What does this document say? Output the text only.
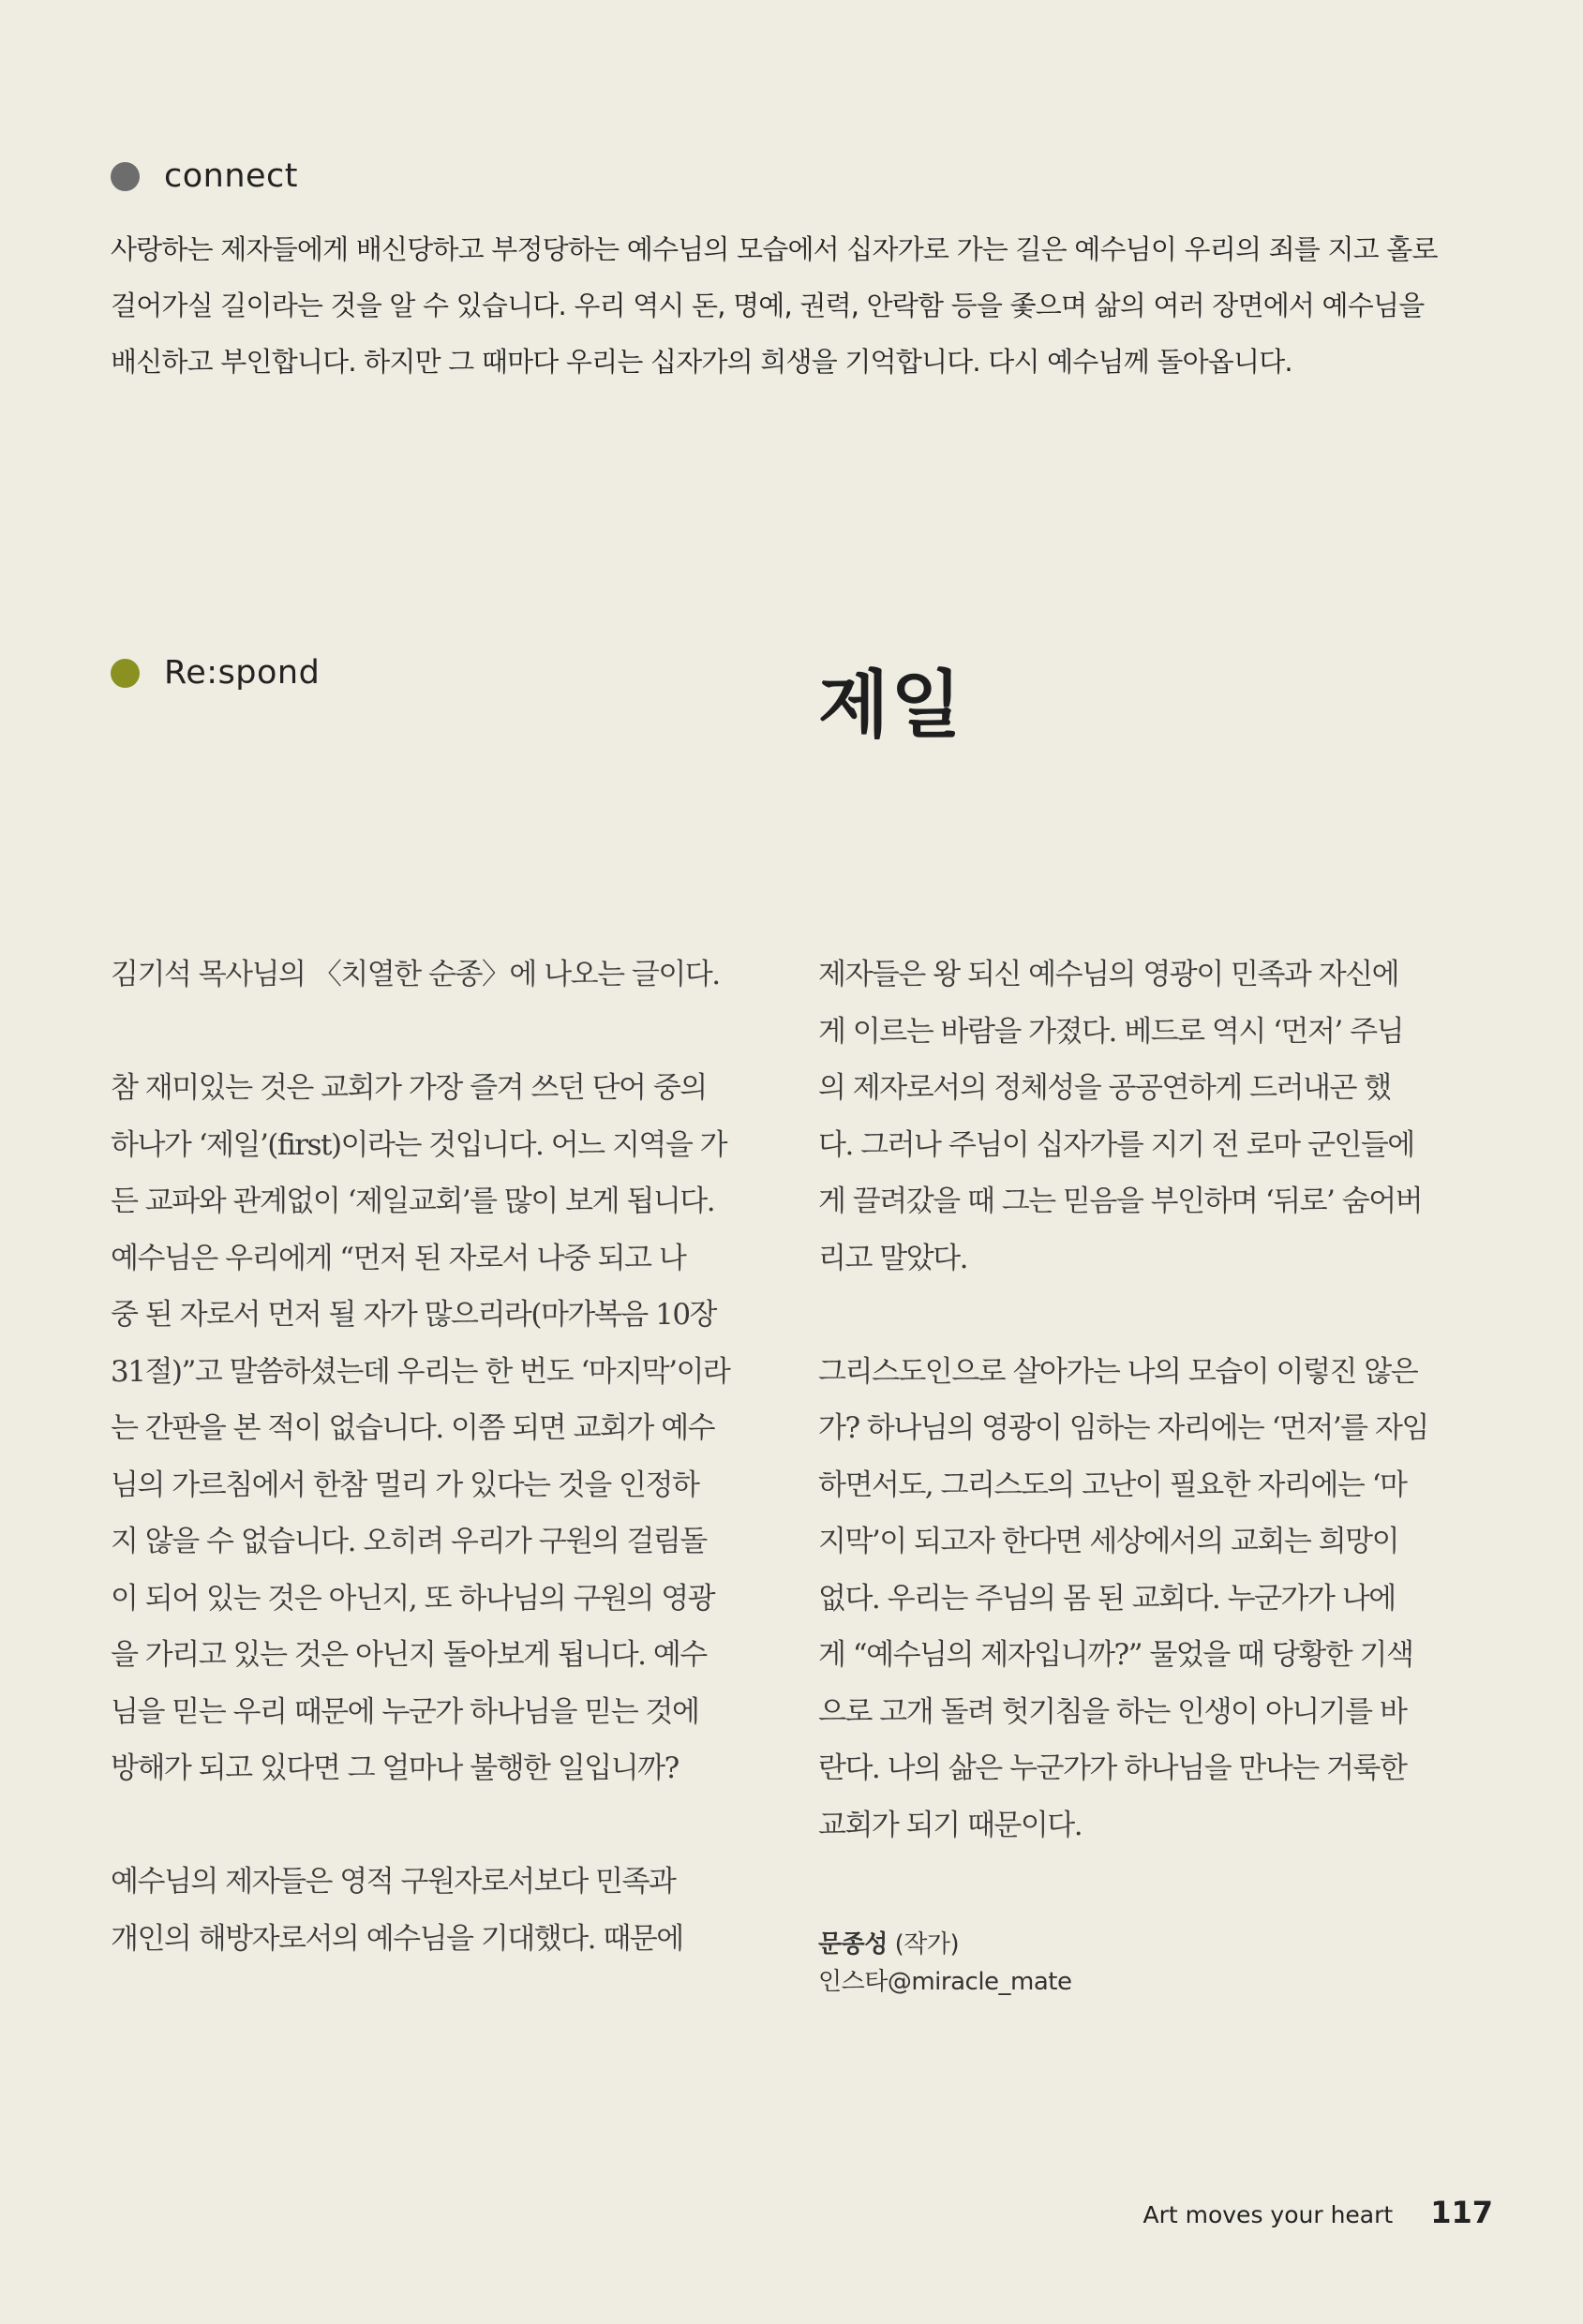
connect

사랑하는 제자들에게 배신당하고 부정당하는 예수님의 모습에서 십자가로 가는 길은 예수님이 우리의 죄를 지고 홀로

걸어가실 길이라는 것을 알 수 있습니다. 우리 역시 돈, 명예, 권력, 안락함 등을 좇으며 삶의 여러 장면에서 예수님을

배신하고 부인합니다. 하지만 그 때마다 우리는 십자가의 희생을 기억합니다. 다시 예수님께 돌아옵니다.

Re:spond	제일
김기석 목사님의 〈치열한 순종〉에 나오는 글이다.
참 재미있는 것은 교회가 가장 즐겨 쓰던 단어 중의
하나가 ‘제일’(first)이라는 것입니다. 어느 지역을 가
든 교파와 관계없이 ‘제일교회’를 많이 보게 됩니다.
예수님은 우리에게 “먼저 된 자로서 나중 되고 나
중 된 자로서 먼저 될 자가 많으리라(마가복음 10장
31절)”고 말씀하셨는데 우리는 한 번도 ‘마지막’이라
는 간판을 본 적이 없습니다. 이쯤 되면 교회가 예수
님의 가르침에서 한참 멀리 가 있다는 것을 인정하
지 않을 수 없습니다. 오히려 우리가 구원의 걸림돌
이 되어 있는 것은 아닌지, 또 하나님의 구원의 영광
을 가리고 있는 것은 아닌지 돌아보게 됩니다. 예수
님을 믿는 우리 때문에 누군가 하나님을 믿는 것에
방해가 되고 있다면 그 얼마나 불행한 일입니까?
예수님의 제자들은 영적 구원자로서보다 민족과
개인의 해방자로서의 예수님을 기대했다. 때문에
제자들은 왕 되신 예수님의 영광이 민족과 자신에
게 이르는 바람을 가졌다. 베드로 역시 ‘먼저’ 주님
의 제자로서의 정체성을 공공연하게 드러내곤 했
다. 그러나 주님이 십자가를 지기 전 로마 군인들에
게 끌려갔을 때 그는 믿음을 부인하며 ‘뒤로’ 숨어버
리고 말았다.
그리스도인으로 살아가는 나의 모습이 이렇진 않은
가? 하나님의 영광이 임하는 자리에는 ‘먼저’를 자임
하면서도, 그리스도의 고난이 필요한 자리에는 ‘마
지막’이 되고자 한다면 세상에서의 교회는 희망이
없다. 우리는 주님의 몸 된 교회다. 누군가가 나에
게 “예수님의 제자입니까?” 물었을 때 당황한 기색
으로 고개 돌려 헛기침을 하는 인생이 아니기를 바
란다. 나의 삶은 누군가가 하나님을 만나는 거룩한
교회가 되기 때문이다.
문종성 (작가)
인스타@miracle_mate
Art moves your heart 117
